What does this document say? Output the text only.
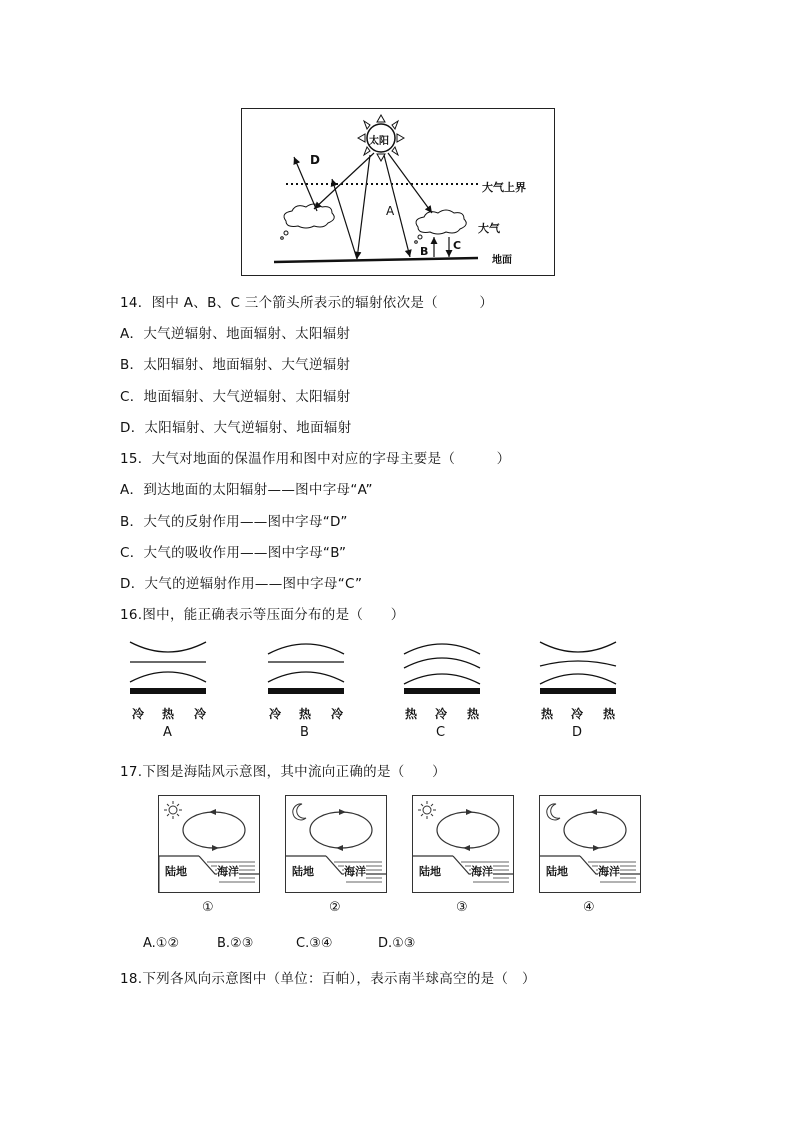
太阳
大气上界
大气
地面
D
A
B C
14．图中 A、B、C 三个箭头所表示的辐射依次是（　　　）
A．大气逆辐射、地面辐射、太阳辐射
B．太阳辐射、地面辐射、大气逆辐射
C．地面辐射、大气逆辐射、太阳辐射
D．太阳辐射、大气逆辐射、地面辐射
15．大气对地面的保温作用和图中对应的字母主要是（　　　）
A．到达地面的太阳辐射——图中字母“A”
B．大气的反射作用——图中字母“D”
C．大气的吸收作用——图中字母“B”
D．大气的逆辐射作用——图中字母“C”
16.图中，能正确表示等压面分布的是（　　）
冷 热 冷
A
冷 热 冷
B
热 冷 热
C
热 冷 热
D
17.下图是海陆风示意图，其中流向正确的是（　　）
陆地	海洋
①
陆地	海洋
②
陆地	海洋
③
陆地	海洋
④
A.①②	B.②③	C.③④	D.①③
18.下列各风向示意图中（单位：百帕），表示南半球高空的是（　）
